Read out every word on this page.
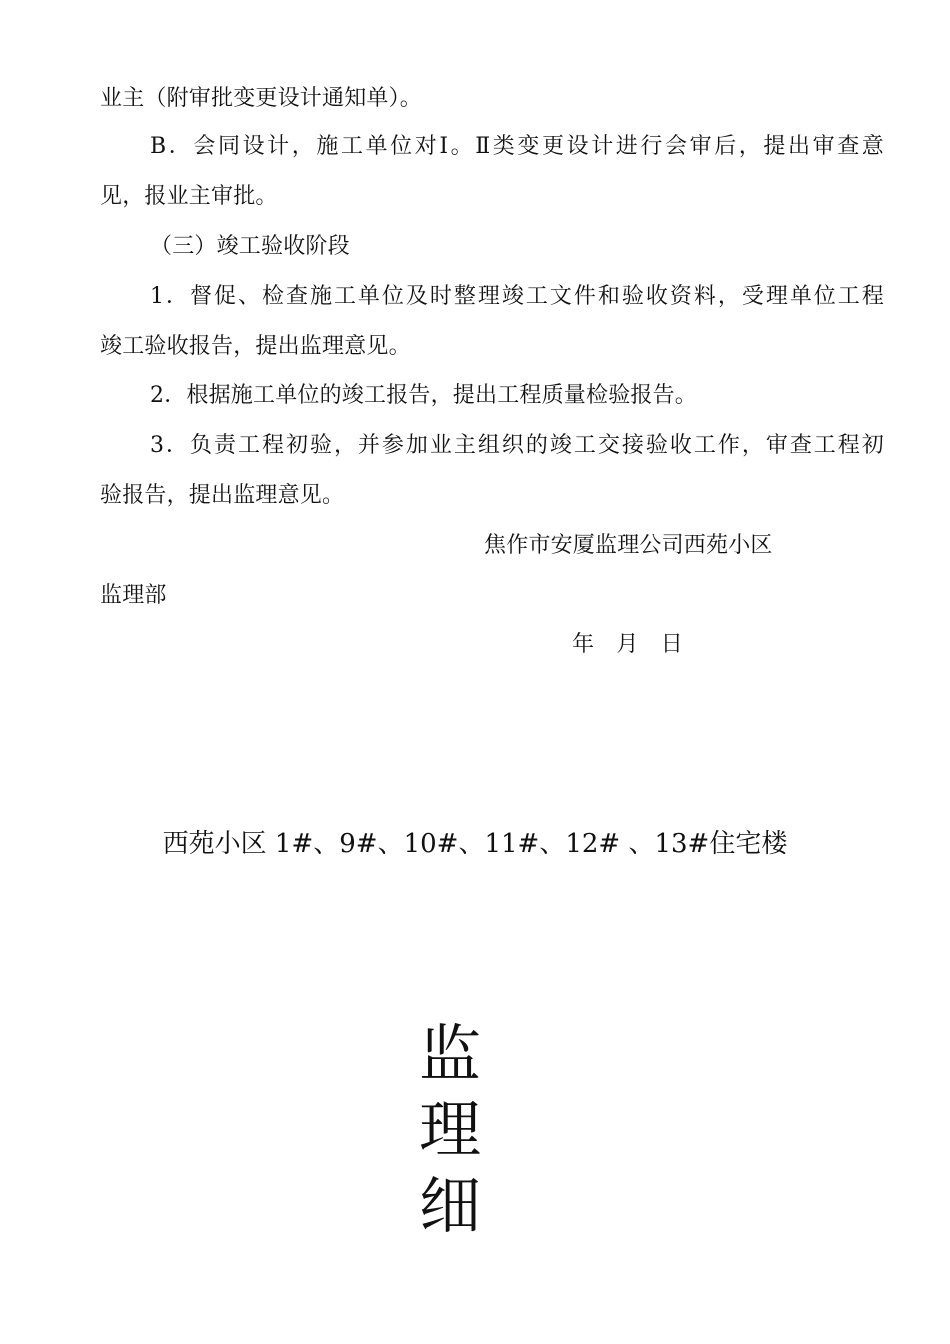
业主（附审批变更设计通知单）。
B．会同设计，施工单位对Ⅰ。Ⅱ类变更设计进行会审后，提出审查意
见，报业主审批。
（三）竣工验收阶段
1．督促、检查施工单位及时整理竣工文件和验收资料，受理单位工程
竣工验收报告，提出监理意见。
2．根据施工单位的竣工报告，提出工程质量检验报告。
3．负责工程初验，并参加业主组织的竣工交接验收工作，审查工程初
验报告，提出监理意见。
焦作市安厦监理公司西苑小区
监理部
年　月　日
西苑小区 1#、9#、10#、11#、12# 、13#住宅楼
监
理
细
